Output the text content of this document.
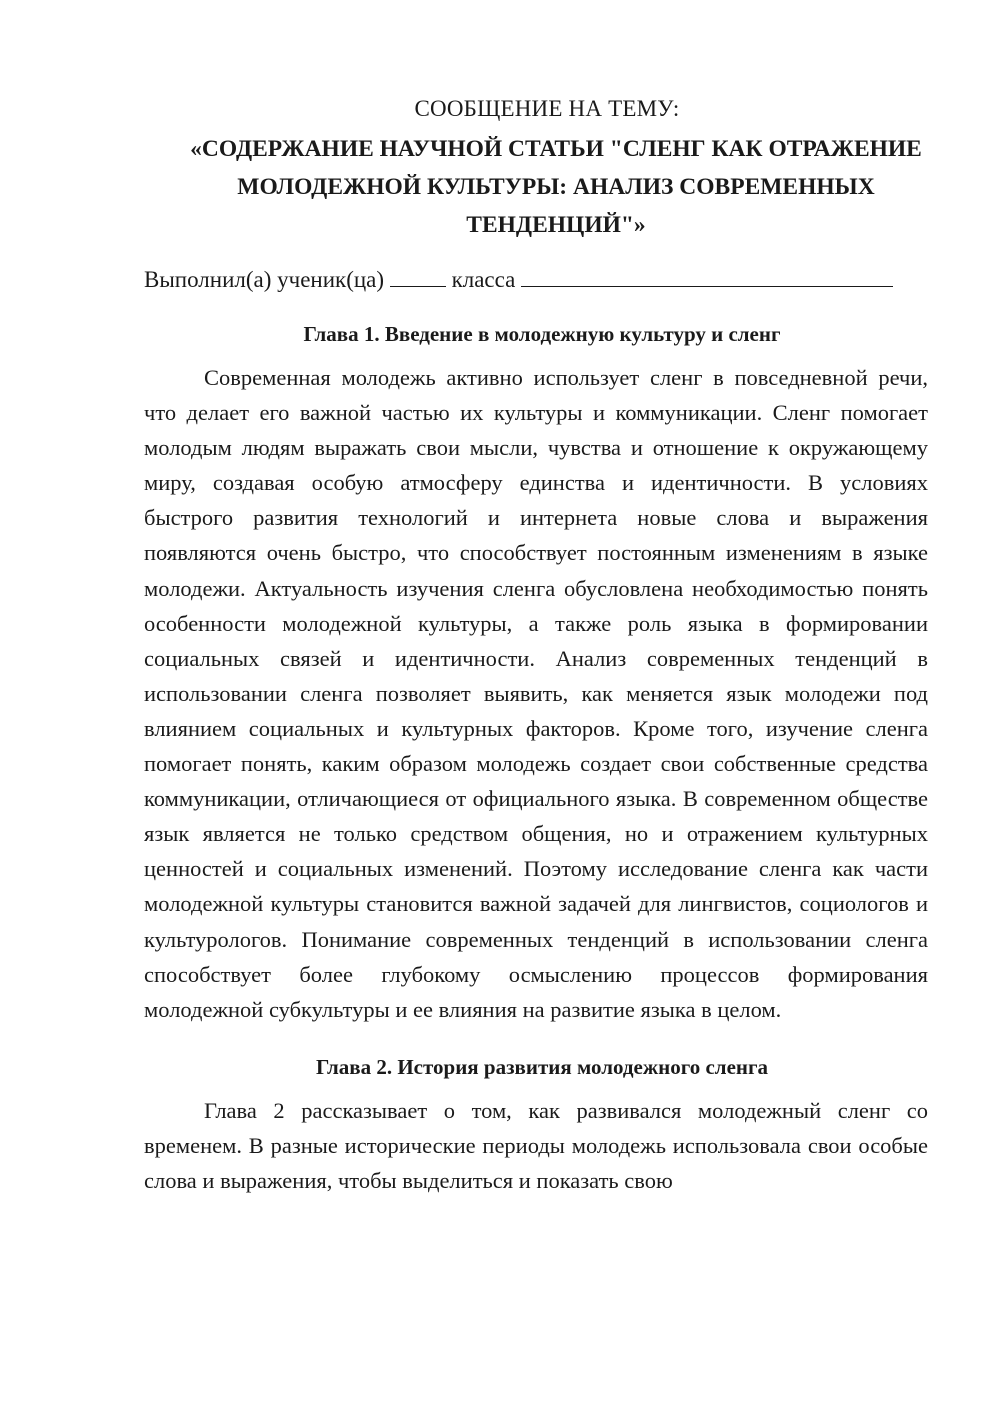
СООБЩЕНИЕ НА ТЕМУ:
«СОДЕРЖАНИЕ НАУЧНОЙ СТАТЬИ "СЛЕНГ КАК ОТРАЖЕНИЕ МОЛОДЕЖНОЙ КУЛЬТУРЫ: АНАЛИЗ СОВРЕМЕННЫХ ТЕНДЕНЦИЙ"»
Выполнил(а) ученик(ца)	класса
Глава 1. Введение в молодежную культуру и сленг

Современная молодежь активно использует сленг в повседневной речи, что делает его важной частью их культуры и коммуникации. Сленг помогает молодым людям выражать свои мысли, чувства и отношение к окружающему миру, создавая особую атмосферу единства и идентичности. В условиях быстрого развития технологий и интернета новые слова и выражения появляются очень быстро, что способствует постоянным изменениям в языке молодежи. Актуальность изучения сленга обусловлена необходимостью понять особенности молодежной культуры, а также роль языка в формировании социальных связей и идентичности. Анализ современных тенденций в использовании сленга позволяет выявить, как меняется язык молодежи под влиянием социальных и культурных факторов. Кроме того, изучение сленга помогает понять, каким образом молодежь создает свои собственные средства коммуникации, отличающиеся от официального языка. В современном обществе язык является не только средством общения, но и отражением культурных ценностей и социальных изменений. Поэтому исследование сленга как части молодежной культуры становится важной задачей для лингвистов, социологов и культурологов. Понимание современных тенденций в использовании сленга способствует более глубокому осмыслению процессов формирования молодежной субкультуры и ее влияния на развитие языка в целом.

Глава 2. История развития молодежного сленга

Глава 2 рассказывает о том, как развивался молодежный сленг со временем. В разные исторические периоды молодежь использовала свои особые слова и выражения, чтобы выделиться и показать свою
